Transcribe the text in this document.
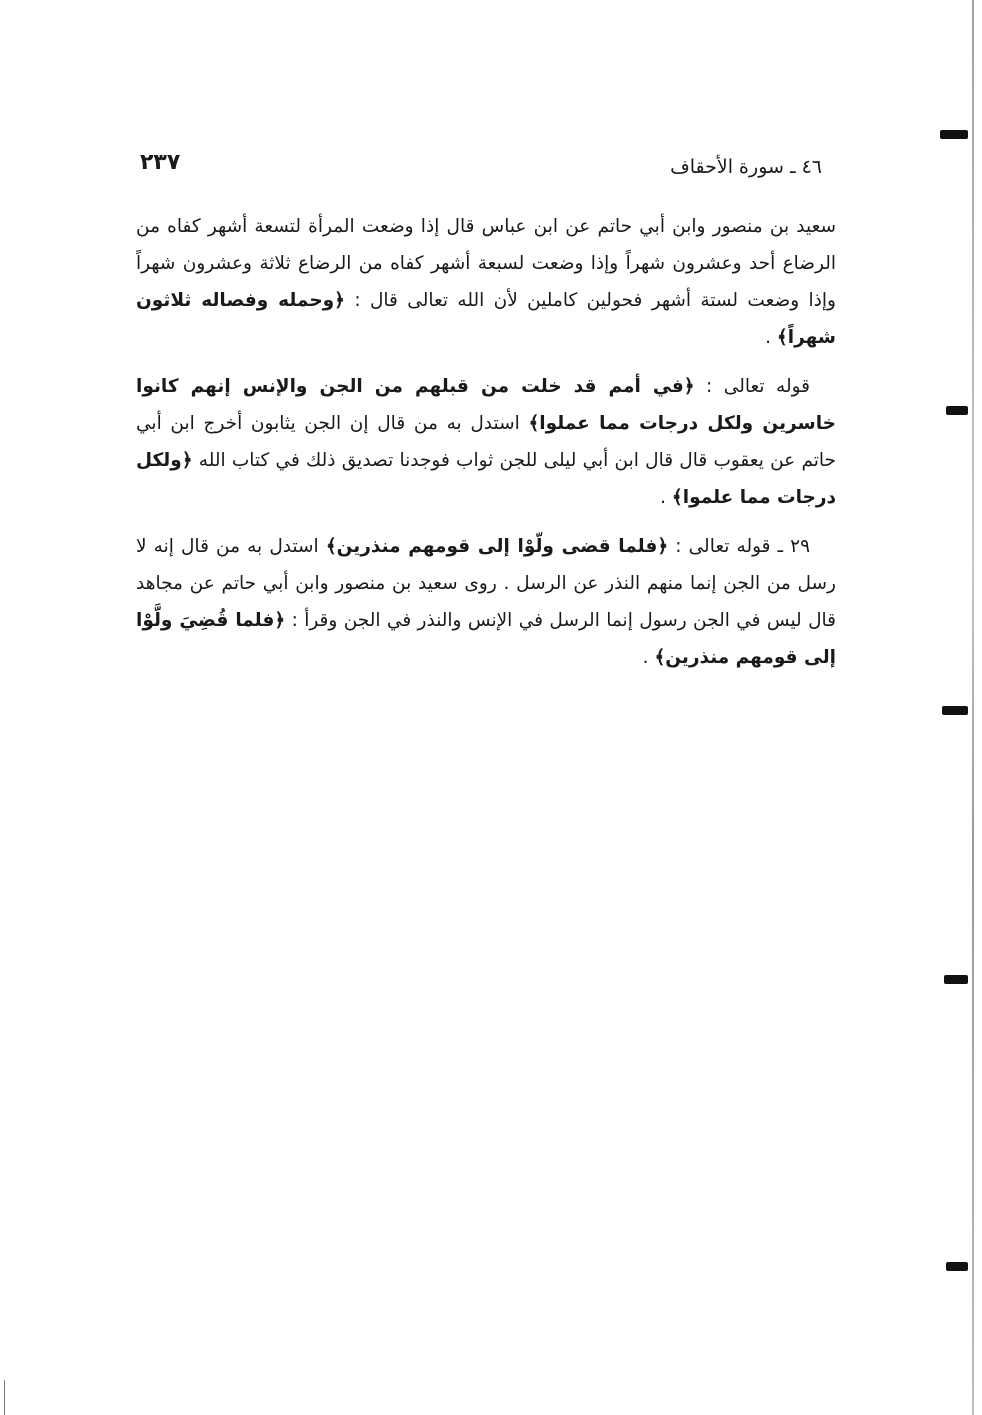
٤٦ ـ سورة الأحقاف
٢٣٧

سعيد بن منصور وابن أبي حاتم عن ابن عباس قال إذا وضعت المرأة لتسعة أشهر كفاه من الرضاع أحد وعشرون شهراً وإذا وضعت لسبعة أشهر كفاه من الرضاع ثلاثة وعشرون شهراً وإذا وضعت لستة أشهر فحولين كاملين لأن الله تعالى قال : ﴿وحمله وفصاله ثلاثون شهراً﴾ .

قوله تعالى : ﴿في أمم قد خلت من قبلهم من الجن والإنس إنهم كانوا خاسرين ولكل درجات مما عملوا﴾ استدل به من قال إن الجن يثابون أخرج ابن أبي حاتم عن يعقوب قال قال ابن أبي ليلى للجن ثواب فوجدنا تصديق ذلك في كتاب الله ﴿ولكل درجات مما علموا﴾ .

٢٩ ـ قوله تعالى : ﴿فلما قضى ولّوْا إلى قومهم منذرين﴾ استدل به من قال إنه لا رسل من الجن إنما منهم النذر عن الرسل . روى سعيد بن منصور وابن أبي حاتم عن مجاهد قال ليس في الجن رسول إنما الرسل في الإنس والنذر في الجن وقرأ : ﴿فلما قُضِيَ ولَّوْا إلى قومهم منذرين﴾ .
